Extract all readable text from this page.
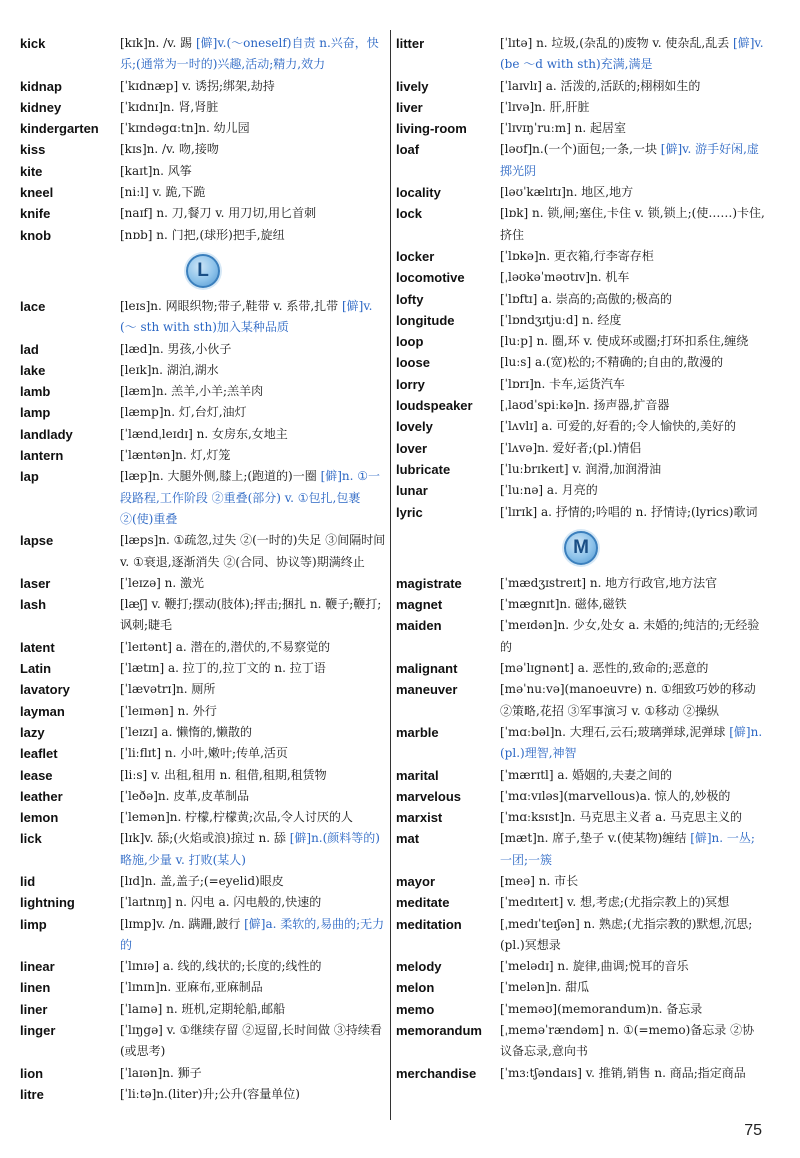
kick	[kɪk]n. /v. 踢 [僻]v.(～oneself)自责 n.兴奋，快乐;(通常为一时的)兴趣,活动;精力,效力
kidnap	[ˈkɪdnæp] v. 诱拐;绑架,劫持
kidney	[ˈkɪdnɪ]n. 肾,肾脏
kindergarten	[ˈkɪndəgɑːtn]n. 幼儿园
kiss	[kɪs]n. /v. 吻,接吻
kite	[kaɪt]n. 风筝
kneel	[niːl] v. 跪,下跪
knife	[naɪf] n. 刀,餐刀 v. 用刀切,用匕首刺
knob	[nɒb] n. 门把,(球形)把手,旋纽
L
lace	[leɪs]n. 网眼织物;带子,鞋带 v. 系带,扎带 [僻]v.(～ sth with sth)加入某种品质
lad	[læd]n. 男孩,小伙子
lake	[leɪk]n. 湖泊,湖水
lamb	[læm]n. 羔羊,小羊;羔羊肉
lamp	[læmp]n. 灯,台灯,油灯
landlady	[ˈlændˌleɪdɪ] n. 女房东,女地主
lantern	[ˈlæntən]n. 灯,灯笼
lap	[læp]n. 大腿外侧,膝上;(跑道的)一圈 [僻]n. ①一段路程,工作阶段 ②重叠(部分) v. ①包扎,包裹 ②(使)重叠
lapse	[læps]n. ①疏忽,过失 ②(一时的)失足 ③间隔时间 v. ①衰退,逐渐消失 ②(合同、协议等)期满终止
laser	[ˈleɪzə] n. 激光
lash	[læʃ] v. 鞭打;摆动(肢体);抨击;捆扎 n. 鞭子;鞭打;讽刺;睫毛
latent	[ˈleɪtənt] a. 潜在的,潜伏的,不易察觉的
Latin	[ˈlætɪn] a. 拉丁的,拉丁文的 n. 拉丁语
lavatory	[ˈlævətrɪ]n. 厕所
layman	[ˈleɪmən] n. 外行
lazy	[ˈleɪzɪ] a. 懒惰的,懒散的
leaflet	[ˈliːflɪt] n. 小叶,嫩叶;传单,活页
lease	[liːs] v. 出租,租用 n. 租借,租期,租赁物
leather	[ˈleðə]n. 皮革,皮革制品
lemon	[ˈlemən]n. 柠檬,柠檬黄;次品,令人讨厌的人
lick	[lɪk]v. 舔;(火焰或浪)掠过 n. 舔 [僻]n.(颜料等的)略施,少量 v. 打败(某人)
lid	[lɪd]n. 盖,盖子;(=eyelid)眼皮
lightning	[ˈlaɪtnɪŋ] n. 闪电 a. 闪电般的,快速的
limp	[lɪmp]v. /n. 蹒跚,跛行 [僻]a. 柔软的,易曲的;无力的
linear	[ˈlɪnɪə] a. 线的,线状的;长度的;线性的
linen	[ˈlɪnɪn]n. 亚麻布,亚麻制品
liner	[ˈlaɪnə] n. 班机,定期轮船,邮船
linger	[ˈlɪŋgə] v. ①继续存留 ②逗留,长时间做 ③持续看(或思考)
lion	[ˈlaɪən]n. 狮子
litre	[ˈliːtə]n.(liter)升;公升(容量单位)
litter	[ˈlɪtə] n. 垃圾,(杂乱的)废物 v. 使杂乱,乱丢 [僻]v.(be ～d with sth)充满,满是
lively	[ˈlaɪvlɪ] a. 活泼的,活跃的;栩栩如生的
liver	[ˈlɪvə]n. 肝,肝脏
living-room	[ˈlɪvɪŋˈruːm] n. 起居室
loaf	[ləʊf]n.(一个)面包;一条,一块 [僻]v. 游手好闲,虚掷光阴
locality	[ləʊˈkælɪtɪ]n. 地区,地方
lock	[lɒk] n. 锁,闸;塞住,卡住 v. 锁,锁上;(使……)卡住,挤住
locker	[ˈlɒkə]n. 更衣箱,行李寄存柜
locomotive	[ˌləʊkəˈməʊtɪv]n. 机车
lofty	[ˈlɒftɪ] a. 崇高的;高傲的;极高的
longitude	[ˈlɒndʒɪtjuːd] n. 经度
loop	[luːp] n. 圈,环 v. 使成环或圈;打环扣系住,缠绕
loose	[luːs] a.(宽)松的;不精确的;自由的,散漫的
lorry	[ˈlɒrɪ]n. 卡车,运货汽车
loudspeaker	[ˌlaʊdˈspiːkə]n. 扬声器,扩音器
lovely	[ˈlʌvlɪ] a. 可爱的,好看的;令人愉快的,美好的
lover	[ˈlʌvə]n. 爱好者;(pl.)情侣
lubricate	[ˈluːbrɪkeɪt] v. 润滑,加润滑油
lunar	[ˈluːnə] a. 月亮的
lyric	[ˈlɪrɪk] a. 抒情的;吟唱的 n. 抒情诗;(lyrics)歌词
M
magistrate	[ˈmædʒɪstreɪt] n. 地方行政官,地方法官
magnet	[ˈmægnɪt]n. 磁体,磁铁
maiden	[ˈmeɪdən]n. 少女,处女 a. 未婚的;纯洁的;无经验的
malignant	[məˈlɪgnənt] a. 恶性的,致命的;恶意的
maneuver	[məˈnuːvə](manoeuvre) n. ①细致巧妙的移动 ②策略,花招 ③军事演习 v. ①移动 ②操纵
marble	[ˈmɑːbəl]n. 大理石,云石;玻璃弹球,泥弹球 [僻]n.(pl.)理智,神智
marital	[ˈmærɪtl] a. 婚姻的,夫妻之间的
marvelous	[ˈmɑːvɪləs](marvellous)a. 惊人的,妙极的
marxist	[ˈmɑːksɪst]n. 马克思主义者 a. 马克思主义的
mat	[mæt]n. 席子,垫子 v.(使某物)缠结 [僻]n. 一丛;一团;一簇
mayor	[meə] n. 市长
meditate	[ˈmedɪteɪt] v. 想,考虑;(尤指宗教上的)冥想
meditation	[ˌmedɪˈteɪʃən] n. 熟虑;(尤指宗教的)默想,沉思;(pl.)冥想录
melody	[ˈmelədɪ] n. 旋律,曲调;悦耳的音乐
melon	[ˈmelən]n. 甜瓜
memo	[ˈmeməʊ](memorandum)n. 备忘录
memorandum	[ˌmeməˈrændəm] n. ①(=memo)备忘录 ②协议备忘录,意向书
merchandise	[ˈmɜːtʃəndaɪs] v. 推销,销售 n. 商品;指定商品
75
